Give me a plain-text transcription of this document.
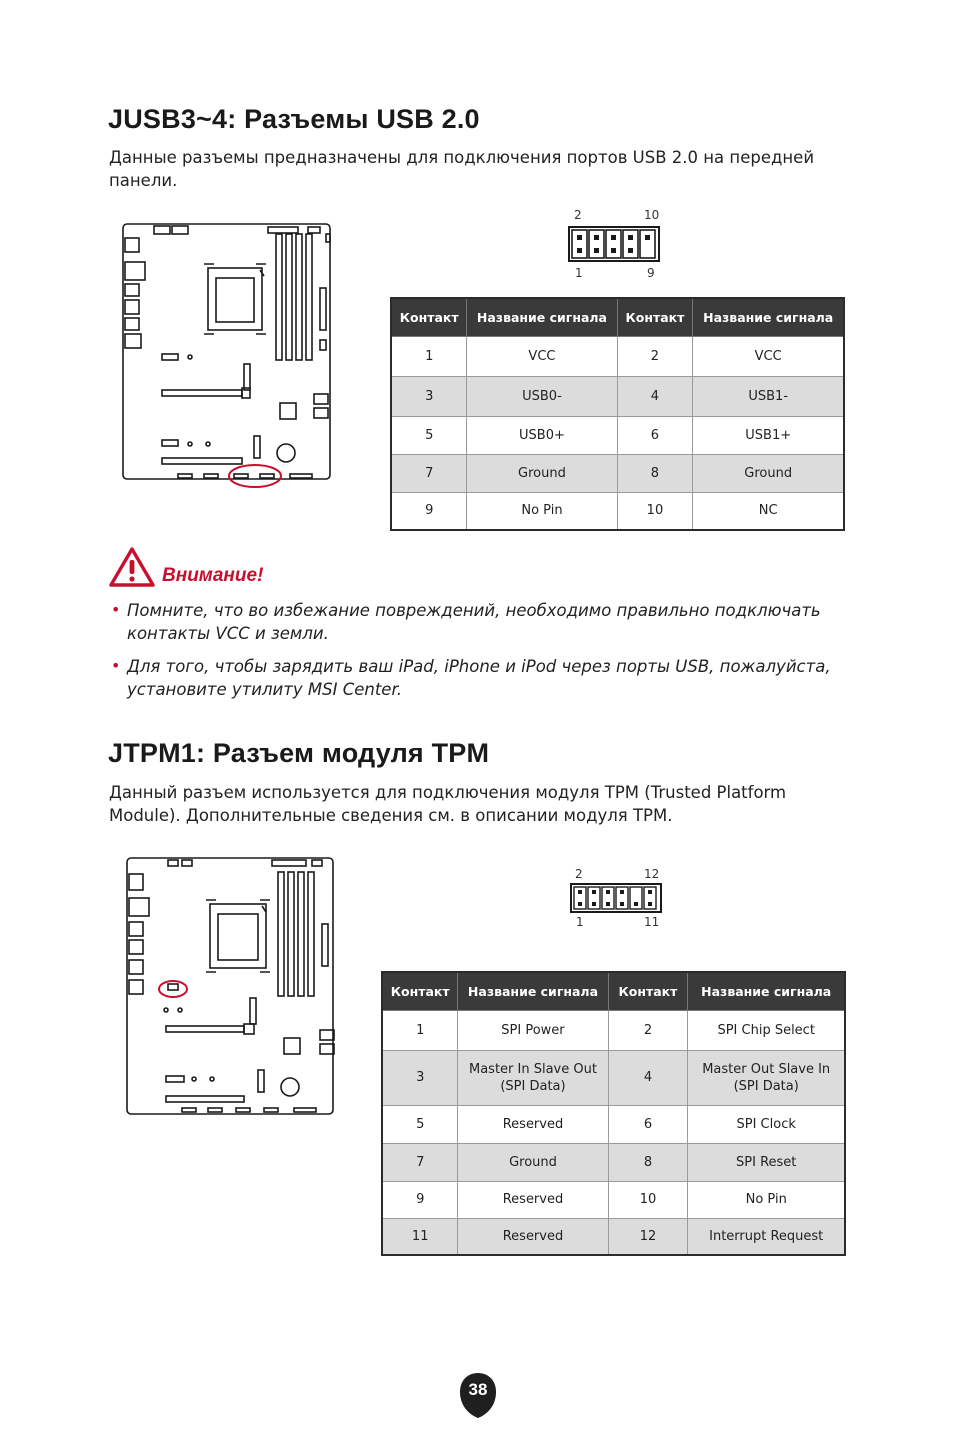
JUSB3~4: Разъемы USB 2.0

Данные разъемы предназначены для подключения портов USB 2.0 на передней

панели.

2	10
1	9
Контакт	Название сигнала	Контакт	Название сигнала
1	VCC	2	VCC
3	USB0-	4	USB1-
5	USB0+	6	USB1+
7	Ground	8	Ground
9	No Pin	10	NC
Внимание!
• Помните, что во избежание повреждений, необходимо правильно подключать
контакты VCC и земли.
• Для того, чтобы зарядить ваш iPad, iPhone и iPod через порты USB, пожалуйста,
установите утилиту MSI Center.
JTPM1: Разъем модуля TPM

Данный разъем используется для подключения модуля TPM (Trusted Platform

Module). Дополнительные сведения см. в описании модуля TPM.

2	12
1	11
Контакт	Название сигнала	Контакт	Название сигнала
1	SPI Power	2	SPI Chip Select
3	Master In Slave Out (SPI Data)	4	Master Out Slave In (SPI Data)
5	Reserved	6	SPI Clock
7	Ground	8	SPI Reset
9	Reserved	10	No Pin
11	Reserved	12	Interrupt Request
38
